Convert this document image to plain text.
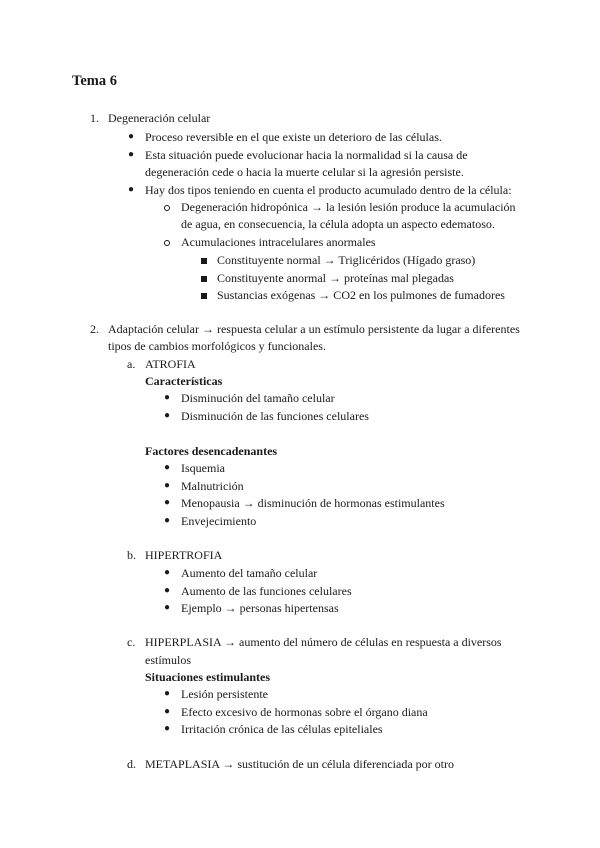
Tema 6
1. Degeneración celular
● Proceso reversible en el que existe un deterioro de las células.
● Esta situación puede evolucionar hacia la normalidad si la causa de
degeneración cede o hacia la muerte celular si la agresión persiste.
● Hay dos tipos teniendo en cuenta el producto acumulado dentro de la célula:
Degeneración hidropónica → la lesión lesión produce la acumulación
de agua, en consecuencia, la célula adopta un aspecto edematoso.
Acumulaciones intracelulares anormales
Constituyente normal → Triglicéridos (Hígado graso)
Constituyente anormal → proteínas mal plegadas
Sustancias exógenas → CO2 en los pulmones de fumadores
2. Adaptación celular → respuesta celular a un estímulo persistente da lugar a diferentes
tipos de cambios morfológicos y funcionales.
a. ATROFIA
Características
● Disminución del tamaño celular
● Disminución de las funciones celulares
Factores desencadenantes
● Isquemia
● Malnutrición
● Menopausia → disminución de hormonas estimulantes
● Envejecimiento
b. HIPERTROFIA
● Aumento del tamaño celular
● Aumento de las funciones celulares
● Ejemplo → personas hipertensas
c. HIPERPLASIA → aumento del número de células en respuesta a diversos
estímulos
Situaciones estimulantes
● Lesión persistente
● Efecto excesivo de hormonas sobre el órgano diana
● Irritación crónica de las células epiteliales
d. METAPLASIA → sustitución de un célula diferenciada por otro
